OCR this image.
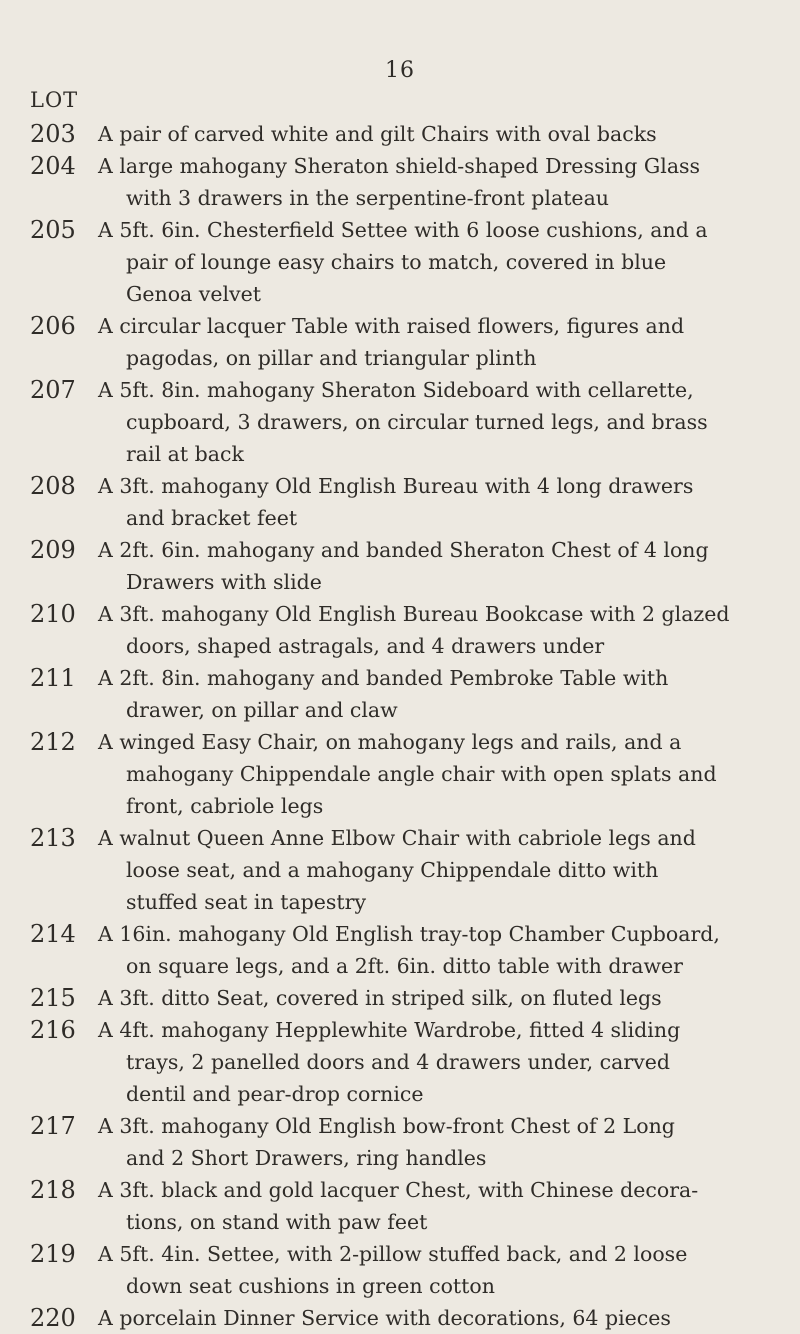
16
LOT
203	A pair of carved white and gilt Chairs with oval backs
204	A large mahogany Sheraton shield-shaped Dressing Glass
with 3 drawers in the serpentine-front plateau
205	A 5ft. 6in. Chesterfield Settee with 6 loose cushions, and a
pair of lounge easy chairs to match, covered in blue
Genoa velvet
206	A circular lacquer Table with raised flowers, figures and
pagodas, on pillar and triangular plinth
207	A 5ft. 8in. mahogany Sheraton Sideboard with cellarette,
cupboard, 3 drawers, on circular turned legs, and brass
rail at back
208	A 3ft. mahogany Old English Bureau with 4 long drawers
and bracket feet
209	A 2ft. 6in. mahogany and banded Sheraton Chest of 4 long
Drawers with slide
210	A 3ft. mahogany Old English Bureau Bookcase with 2 glazed
doors, shaped astragals, and 4 drawers under
211	A 2ft. 8in. mahogany and banded Pembroke Table with
drawer, on pillar and claw
212	A winged Easy Chair, on mahogany legs and rails, and a
mahogany Chippendale angle chair with open splats and
front, cabriole legs
213	A walnut Queen Anne Elbow Chair with cabriole legs and
loose seat, and a mahogany Chippendale ditto with
stuffed seat in tapestry
214	A 16in. mahogany Old English tray-top Chamber Cupboard,
on square legs, and a 2ft. 6in. ditto table with drawer
215	A 3ft. ditto Seat, covered in striped silk, on fluted legs
216	A 4ft. mahogany Hepplewhite Wardrobe, fitted 4 sliding
trays, 2 panelled doors and 4 drawers under, carved
dentil and pear-drop cornice
217	A 3ft. mahogany Old English bow-front Chest of 2 Long
and 2 Short Drawers, ring handles
218	A 3ft. black and gold lacquer Chest, with Chinese decora-
tions, on stand with paw feet
219	A 5ft. 4in. Settee, with 2-pillow stuffed back, and 2 loose
down seat cushions in green cotton
220	A porcelain Dinner Service with decorations, 64 pieces
